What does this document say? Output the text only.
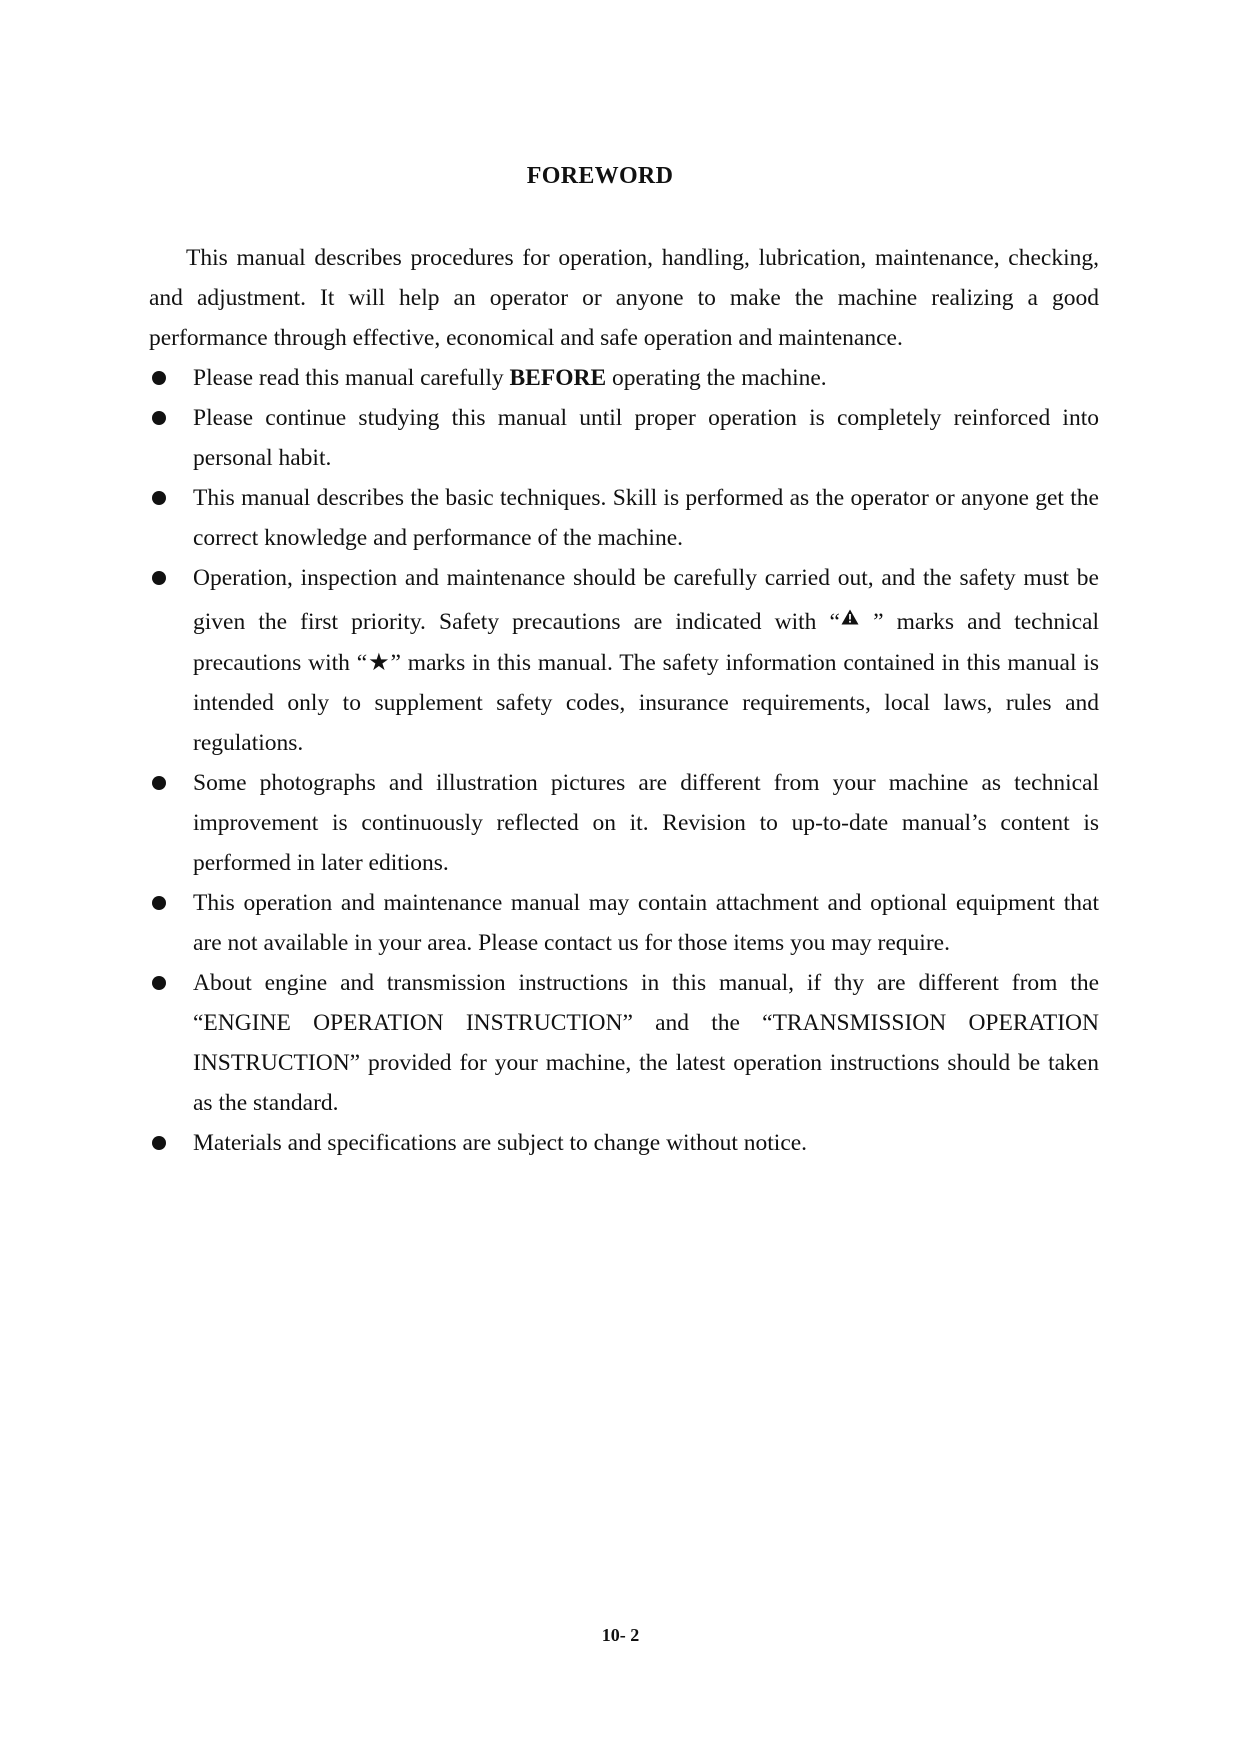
FOREWORD

This manual describes procedures for operation, handling, lubrication, maintenance, checking, and adjustment. It will help an operator or anyone to make the machine realizing a good performance through effective, economical and safe operation and maintenance.

Please read this manual carefully BEFORE operating the machine.
Please continue studying this manual until proper operation is completely reinforced into personal habit.
This manual describes the basic techniques. Skill is performed as the operator or anyone get the correct knowledge and performance of the machine.
Operation, inspection and maintenance should be carefully carried out, and the safety must be given the first priority. Safety precautions are indicated with “ ” marks and technical precautions with “★” marks in this manual. The safety information contained in this manual is intended only to supplement safety codes, insurance requirements, local laws, rules and regulations.
Some photographs and illustration pictures are different from your machine as technical improvement is continuously reflected on it. Revision to up-to-date manual’s content is performed in later editions.
This operation and maintenance manual may contain attachment and optional equipment that are not available in your area. Please contact us for those items you may require.
About engine and transmission instructions in this manual, if thy are different from the “ENGINE OPERATION INSTRUCTION” and the “TRANSMISSION OPERATION INSTRUCTION” provided for your machine, the latest operation instructions should be taken as the standard.
Materials and specifications are subject to change without notice.
10- 2
